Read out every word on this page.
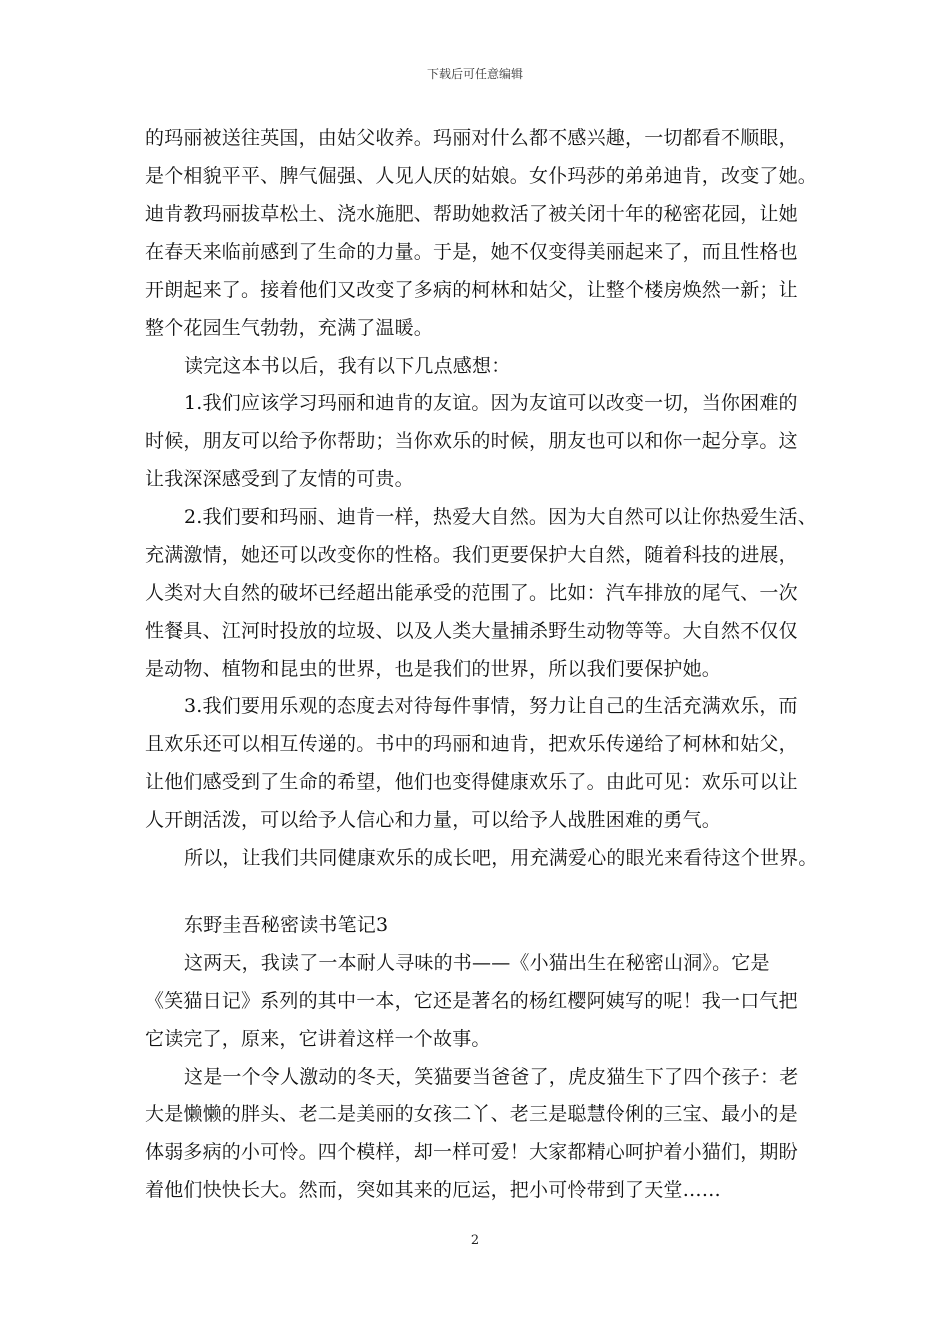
下载后可任意编辑
的玛丽被送往英国，由姑父收养。玛丽对什么都不感兴趣，一切都看不顺眼，
是个相貌平平、脾气倔强、人见人厌的姑娘。女仆玛莎的弟弟迪肯，改变了她。
迪肯教玛丽拔草松土、浇水施肥、帮助她救活了被关闭十年的秘密花园，让她
在春天来临前感到了生命的力量。于是，她不仅变得美丽起来了，而且性格也
开朗起来了。接着他们又改变了多病的柯林和姑父，让整个楼房焕然一新；让
整个花园生气勃勃，充满了温暖。
读完这本书以后，我有以下几点感想：
1.我们应该学习玛丽和迪肯的友谊。因为友谊可以改变一切，当你困难的
时候，朋友可以给予你帮助；当你欢乐的时候，朋友也可以和你一起分享。这
让我深深感受到了友情的可贵。
2.我们要和玛丽、迪肯一样，热爱大自然。因为大自然可以让你热爱生活、
充满激情，她还可以改变你的性格。我们更要保护大自然，随着科技的进展，
人类对大自然的破坏已经超出能承受的范围了。比如：汽车排放的尾气、一次
性餐具、江河时投放的垃圾、以及人类大量捕杀野生动物等等。大自然不仅仅
是动物、植物和昆虫的世界，也是我们的世界，所以我们要保护她。
3.我们要用乐观的态度去对待每件事情，努力让自己的生活充满欢乐，而
且欢乐还可以相互传递的。书中的玛丽和迪肯，把欢乐传递给了柯林和姑父，
让他们感受到了生命的希望，他们也变得健康欢乐了。由此可见：欢乐可以让
人开朗活泼，可以给予人信心和力量，可以给予人战胜困难的勇气。
所以，让我们共同健康欢乐的成长吧，用充满爱心的眼光来看待这个世界。
东野圭吾秘密读书笔记3
这两天，我读了一本耐人寻味的书——《小猫出生在秘密山洞》。它是
《笑猫日记》系列的其中一本，它还是著名的杨红樱阿姨写的呢！我一口气把
它读完了，原来，它讲着这样一个故事。
这是一个令人激动的冬天，笑猫要当爸爸了，虎皮猫生下了四个孩子：老
大是懒懒的胖头、老二是美丽的女孩二丫、老三是聪慧伶俐的三宝、最小的是
体弱多病的小可怜。四个模样，却一样可爱！大家都精心呵护着小猫们，期盼
着他们快快长大。然而，突如其来的厄运，把小可怜带到了天堂……
2
